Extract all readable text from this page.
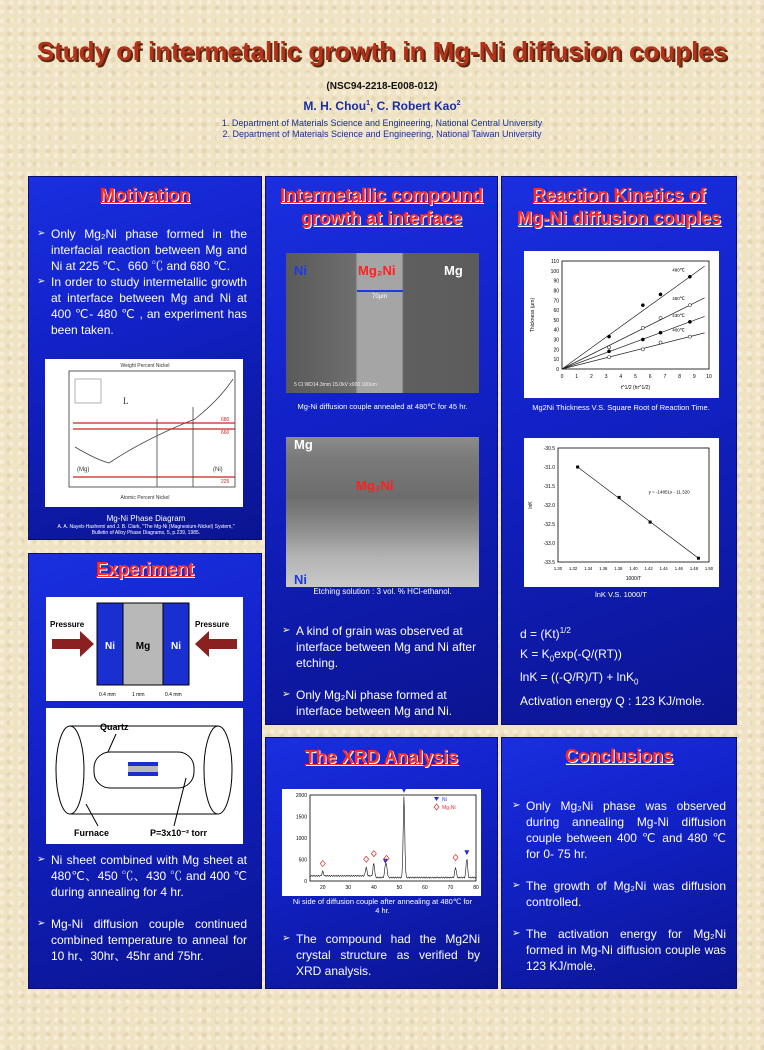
Study of intermetallic growth in Mg-Ni diffusion couples
(NSC94-2218-E008-012)
M. H. Chou$^1$, C. Robert Kao$^2$
1. Department of Materials Science and Engineering, National Central University
2. Department of Materials Science and Engineering, National Taiwan University
Motivation
➢ Only Mg₂Ni phase formed in the interfacial reaction between Mg and Ni at 225 ℃、660 ℃ and 680 ℃.
➢ In order to study intermetallic growth at interface between Mg and Ni at 400 ℃- 480 ℃ , an experiment has been taken.
Weight Percent Nickel
Atomic Percent Nickel
L
680
660
225
(Mg)	(Ni)
Mg-Ni Phase Diagram
A. A. Nayeb-Hashemi and J. B. Clark, "The Mg-Ni (Magnesium-Nickel) System," Bulletin of Alloy Phase Diagrams, 5, p.239, 1985.
Experiment
Pressure	Pressure
Ni Mg Ni
0.4 mm	1 mm	0.4 mm
Quartz
Furnace	P=3x10⁻² torr
➢ Ni sheet combined with Mg sheet at 480℃、450 ℃、430 ℃ and 400 ℃ during annealing for 4 hr.
➢ Mg-Ni diffusion couple continued combined temperature to anneal for 10 hr、30hr、45hr and 75hr.
Intermetallic compound
growth at interface
Ni	Mg₂Ni	Mg
70μm
5 CI WD14.3mm 15.0kV x900 100um
Mg-Ni diffusion couple annealed at 480℃ for 45 hr.
Mg
Mg₂Ni
Ni
Etching solution : 3 vol. % HCl-ethanol.
➢ A kind of grain was observed at interface between Mg and Ni after etching.
➢ Only Mg₂Ni phase formed at interface between Mg and Ni.
Reaction Kinetics of
Mg-Ni diffusion couples
0 1 2 3 4 5 6 7 8 9 10
0
10
20
30
40
50
60
70
80
90
100
110
t^1/2 (hr^1/2)
Thickness (μm)
480℃
450℃
430℃
400℃
Mg2Ni Thickness V.S. Square Root of Reaction Time.
1.30 1.32 1.34 1.36 1.38 1.40 1.42 1.44 1.46 1.48 1.50
-30.5
-31.0
-31.5
-32.0
-32.5
-33.0
-33.5
1000/T
lnK
y = -14851x - 11.320
lnK V.S. 1000/T
$d = (Kt)^{1/2}$
$K = K_0\exp(-Q/(RT))$
lnK = ((-Q/R)/T) + lnK$_0$
Activation energy Q : 123 KJ/mole.
The XRD Analysis
20	30	40	50	60	70	80
0
500
1000
1500
2000
Ni
Mg₂Ni
Ni side of diffusion couple after annealing at 480℃ for 4 hr.
➢ The compound had the Mg2Ni crystal structure as verified by XRD analysis.
Conclusions
➢ Only Mg₂Ni phase was observed during annealing Mg-Ni diffusion couple between 400 ℃ and 480 ℃ for 0- 75 hr.
➢ The growth of Mg₂Ni was diffusion controlled.
➢ The activation energy for Mg₂Ni formed in Mg-Ni diffusion couple was 123 KJ/mole.
